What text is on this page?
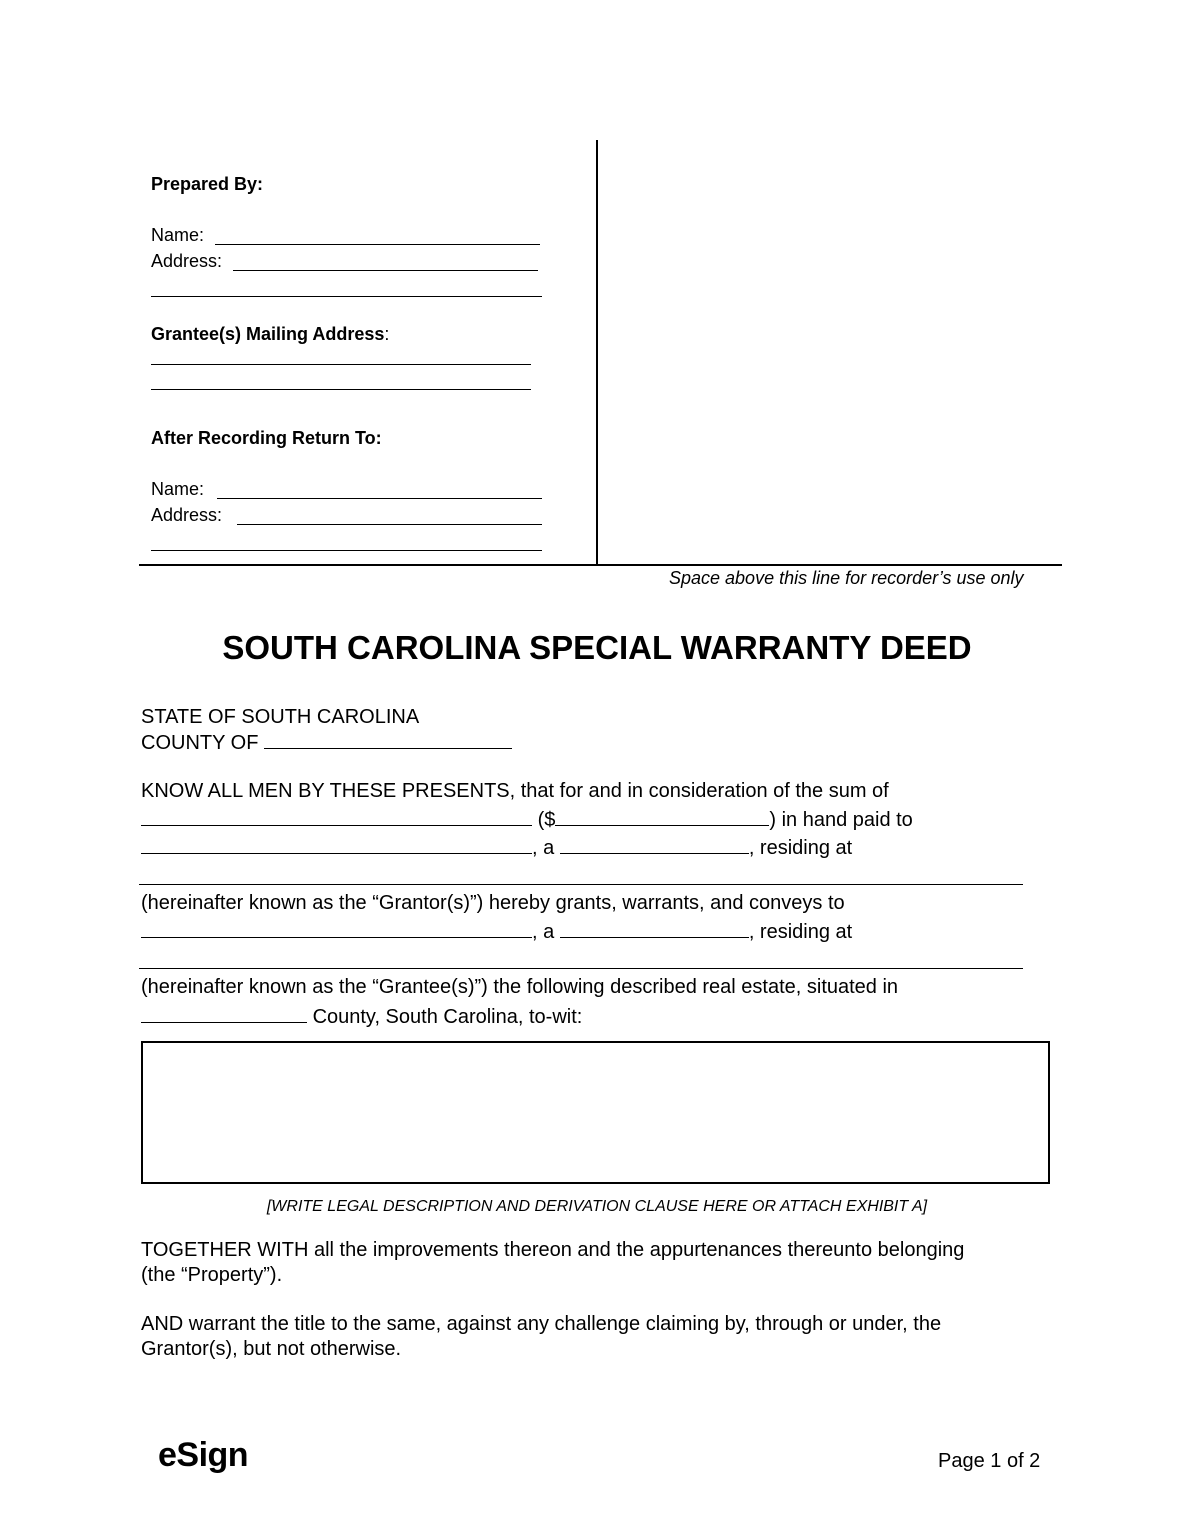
Prepared By:
Name:
Address:
Grantee(s) Mailing Address:
After Recording Return To:
Name:
Address:
Space above this line for recorder’s use only
SOUTH CAROLINA SPECIAL WARRANTY DEED
STATE OF SOUTH CAROLINA
COUNTY OF
KNOW ALL MEN BY THESE PRESENTS, that for and in consideration of the sum of
($	) in hand paid to
, a	, residing at
(hereinafter known as the “Grantor(s)”) hereby grants, warrants, and conveys to
, a	, residing at
(hereinafter known as the “Grantee(s)”) the following described real estate, situated in
County, South Carolina, to-wit:
[WRITE LEGAL DESCRIPTION AND DERIVATION CLAUSE HERE OR ATTACH EXHIBIT A]
TOGETHER WITH all the improvements thereon and the appurtenances thereunto belonging
(the “Property”).
AND warrant the title to the same, against any challenge claiming by, through or under, the
Grantor(s), but not otherwise.
eSign	Page 1 of 2
